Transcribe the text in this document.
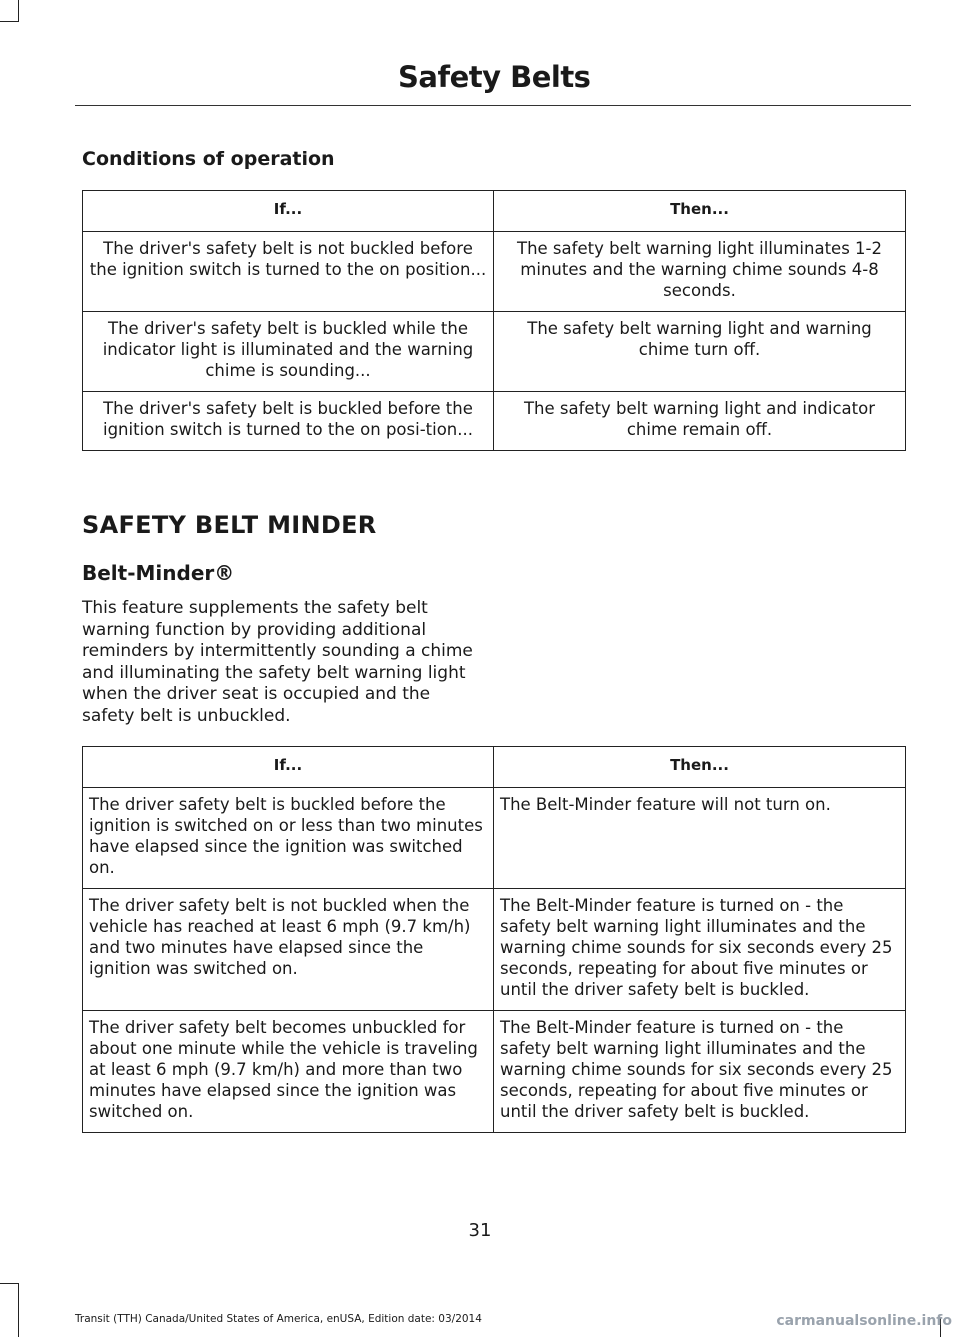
Safety Belts
Conditions of operation
If...	Then...
The driver's safety belt is not buckled before the ignition switch is turned to the on position...	The safety belt warning light illuminates 1-2 minutes and the warning chime sounds 4-8 seconds.
The driver's safety belt is buckled while the indicator light is illuminated and the warning chime is sounding...	The safety belt warning light and warning chime turn off.
The driver's safety belt is buckled before the ignition switch is turned to the on posi-tion...	The safety belt warning light and indicator chime remain off.
SAFETY BELT MINDER
Belt-Minder®
This feature supplements the safety belt warning function by providing additional reminders by intermittently sounding a chime and illuminating the safety belt warning light when the driver seat is occupied and the safety belt is unbuckled.
If...	Then...
The driver safety belt is buckled before the ignition is switched on or less than two minutes have elapsed since the ignition was switched on.	The Belt-Minder feature will not turn on.
The driver safety belt is not buckled when the vehicle has reached at least 6 mph (9.7 km/h) and two minutes have elapsed since the ignition was switched on.	The Belt-Minder feature is turned on - the safety belt warning light illuminates and the warning chime sounds for six seconds every 25 seconds, repeating for about five minutes or until the driver safety belt is buckled.
The driver safety belt becomes unbuckled for about one minute while the vehicle is traveling at least 6 mph (9.7 km/h) and more than two minutes have elapsed since the ignition was switched on.	The Belt-Minder feature is turned on - the safety belt warning light illuminates and the warning chime sounds for six seconds every 25 seconds, repeating for about five minutes or until the driver safety belt is buckled.
31
Transit (TTH) Canada/United States of America, enUSA, Edition date: 03/2014	carmanualsonline.info
